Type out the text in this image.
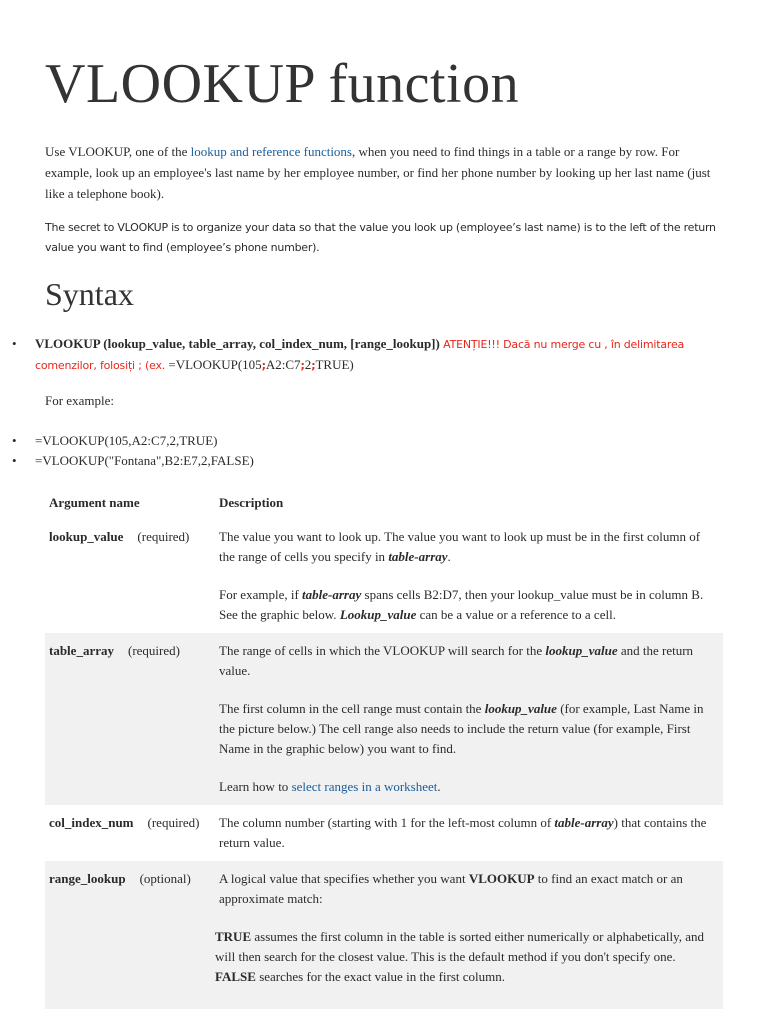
VLOOKUP function

Use VLOOKUP, one of the lookup and reference functions, when you need to find things in a table or a range by row. For example, look up an employee's last name by her employee number, or find her phone number by looking up her last name (just like a telephone book).

The secret to VLOOKUP is to organize your data so that the value you look up (employee’s last name) is to the left of the return value you want to find (employee’s phone number).

Syntax
• VLOOKUP (lookup_value, table_array, col_index_num, [range_lookup]) ATENȚIE!!! Dacă nu merge cu , în delimitarea comenzilor, folosiți ; (ex. =VLOOKUP(105;A2:C7;2;TRUE)
For example:
• =VLOOKUP(105,A2:C7,2,TRUE)
• =VLOOKUP("Fontana",B2:E7,2,FALSE)
Argument name	Description
lookup_value (required)	The value you want to look up. The value you want to look up must be in the first column of the range of cells you specify in table-array.

For example, if table-array spans cells B2:D7, then your lookup_value must be in column B. See the graphic below. Lookup_value can be a value or a reference to a cell.

table_array (required)	The range of cells in which the VLOOKUP will search for the lookup_value and the return value.

The first column in the cell range must contain the lookup_value (for example, Last Name in the picture below.) The cell range also needs to include the return value (for example, First Name in the graphic below) you want to find.

Learn how to select ranges in a worksheet.

col_index_num (required)	The column number (starting with 1 for the left-most column of table-array) that contains the return value.

range_lookup (optional)	A logical value that specifies whether you want VLOOKUP to find an exact match or an approximate match:

TRUE assumes the first column in the table is sorted either numerically or alphabetically, and will then search for the closest value. This is the default method if you don't specify one.

FALSE searches for the exact value in the first column.
